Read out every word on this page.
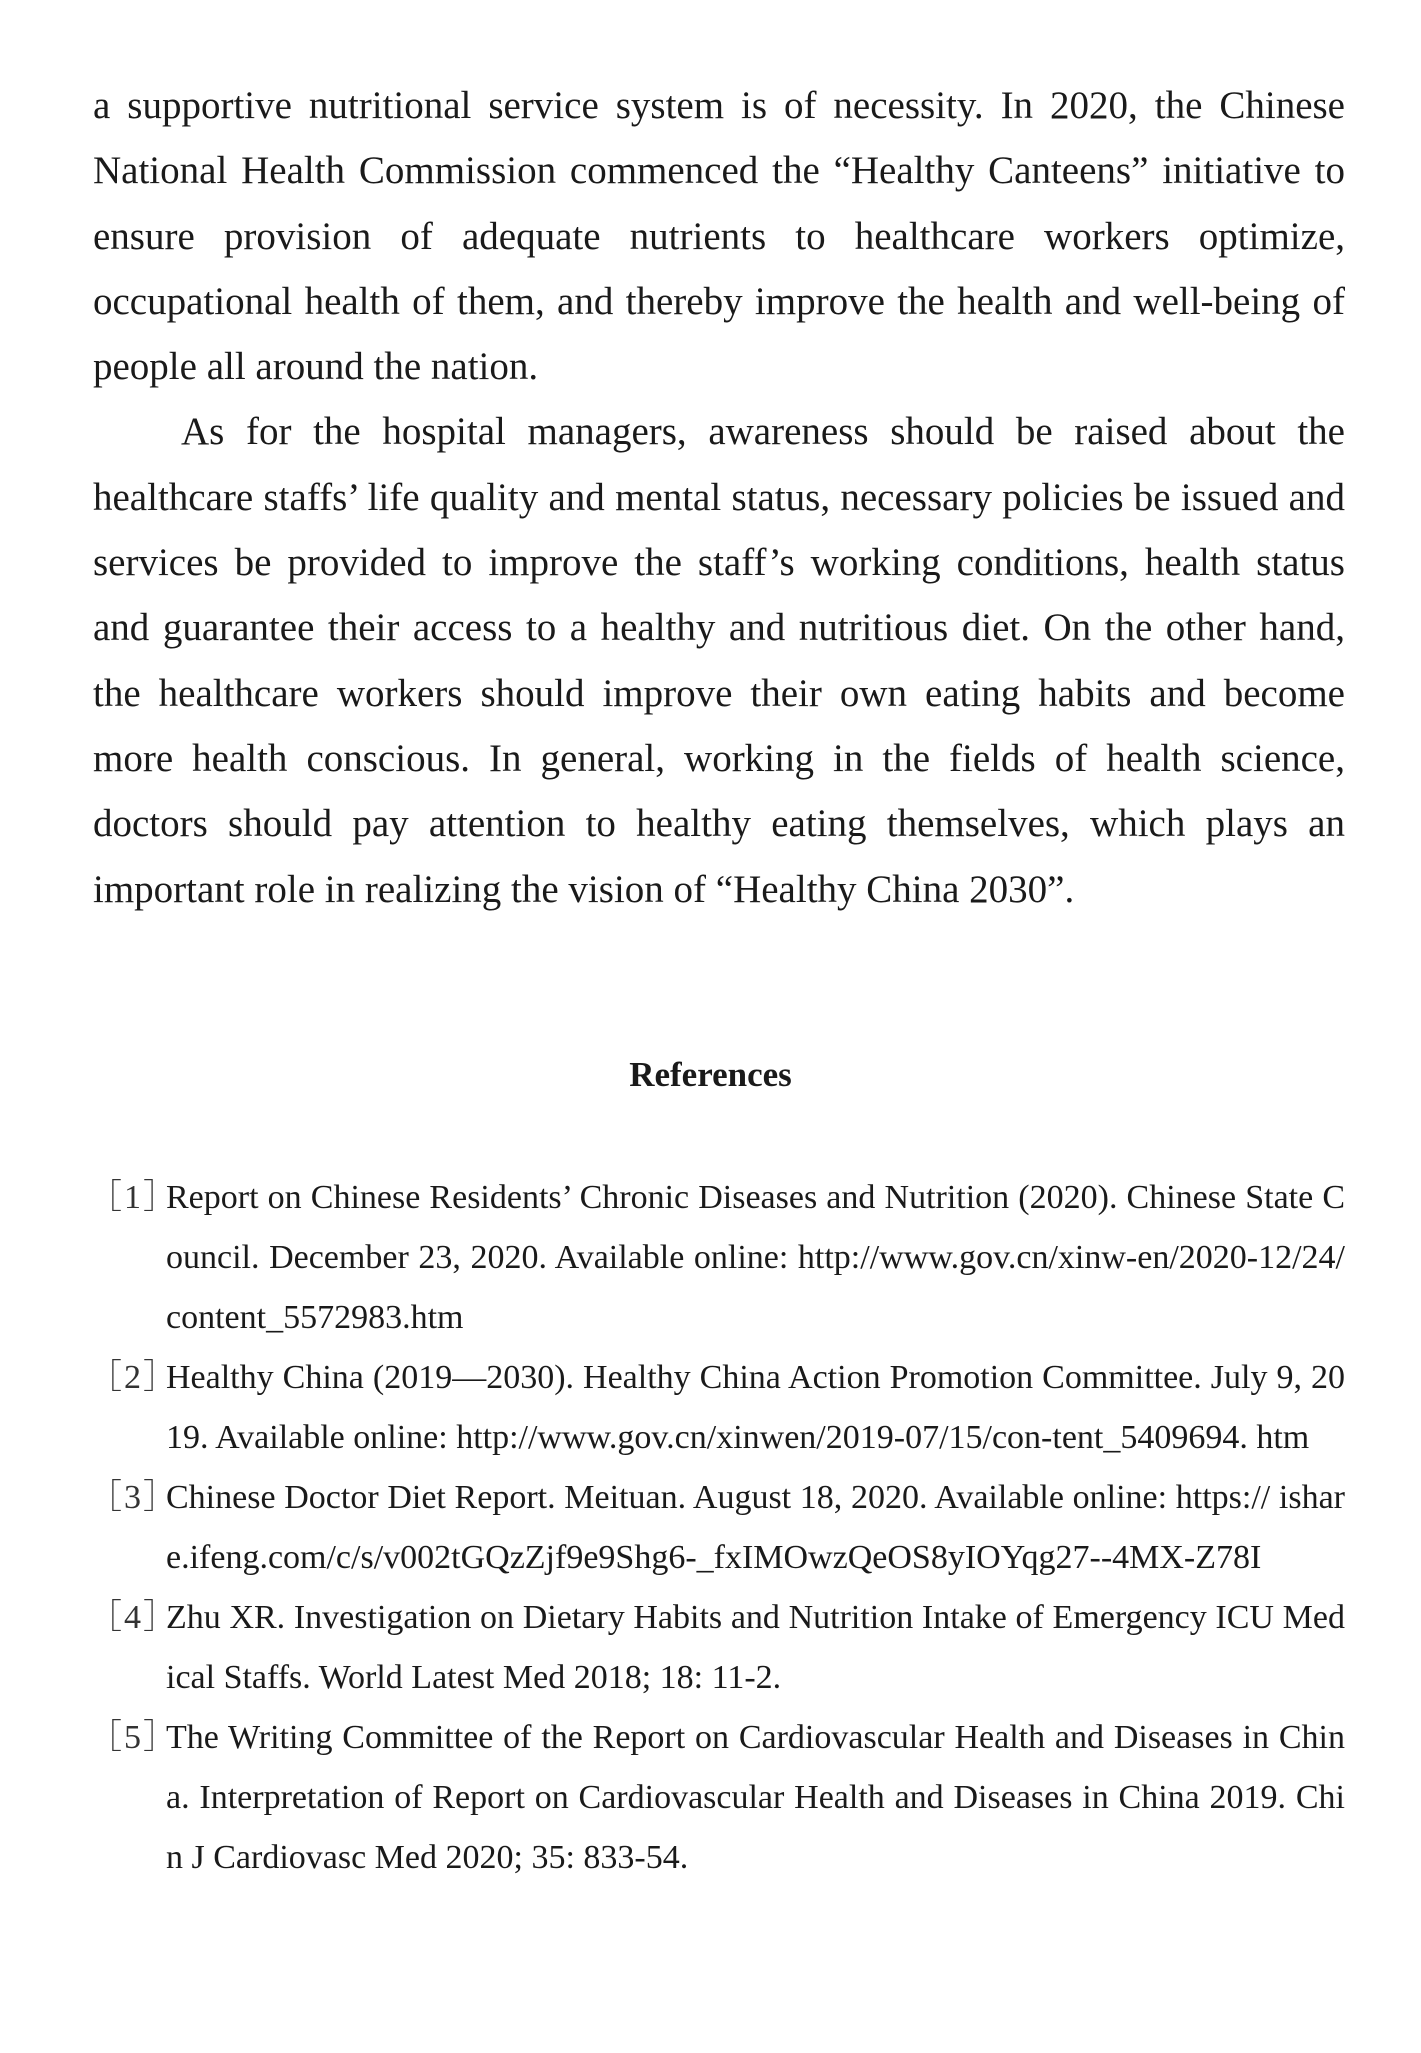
a supportive nutritional service system is of necessity. In 2020, the Chinese National Health Commission commenced the “Healthy Canteens” initiative to ensure provision of adequate nutrients to healthcare workers optimize, occupational health of them, and thereby improve the health and well-being of people all around the nation.

As for the hospital managers, awareness should be raised about the healthcare staffs’ life quality and mental status, necessary policies be issued and services be provided to improve the staff’s working conditions, health status and guarantee their access to a healthy and nutritious diet. On the other hand, the healthcare workers should improve their own eating habits and become more health conscious. In general, working in the fields of health science, doctors should pay attention to healthy eating themselves, which plays an important role in realizing the vision of “Healthy China 2030”.

References
［1］
Report on Chinese Residents’ Chronic Diseases and Nutrition (2020). Chinese State Council. December 23, 2020. Available online: http://www.gov.cn/xinw-en/2020-12/24/content_5572983.htm
［2］
Healthy China (2019—2030). Healthy China Action Promotion Committee. July 9, 2019. Available online: http://www.gov.cn/xinwen/2019-07/15/con-tent_5409694. htm
［3］
Chinese Doctor Diet Report. Meituan. August 18, 2020. Available online: https:// ishare.ifeng.com/c/s/v002tGQzZjf9e9Shg6-_fxIMOwzQeOS8yIOYqg27--4MX-Z78I
［4］
Zhu XR. Investigation on Dietary Habits and Nutrition Intake of Emergency ICU Medical Staffs. World Latest Med 2018; 18: 11-2.
［5］
The Writing Committee of the Report on Cardiovascular Health and Diseases in China. Interpretation of Report on Cardiovascular Health and Diseases in China 2019. Chin J Cardiovasc Med 2020; 35: 833-54.
